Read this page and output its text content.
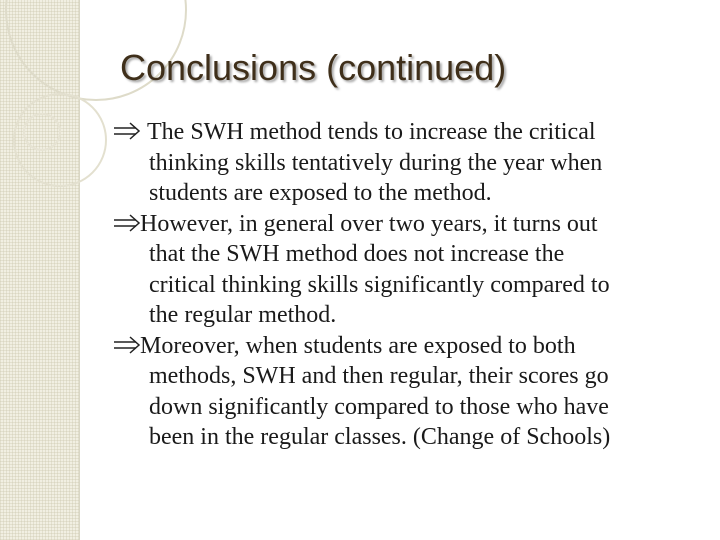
Conclusions (continued)
The SWH method tends to increase the critical
thinking skills tentatively during the year when
students are exposed to the method.
However, in general over two years, it turns out
that the SWH method does not increase the
critical thinking skills significantly compared to
the regular method.
Moreover, when students are exposed to both
methods, SWH and then regular, their scores go
down significantly compared to those who have
been in the regular classes. (Change of Schools)
